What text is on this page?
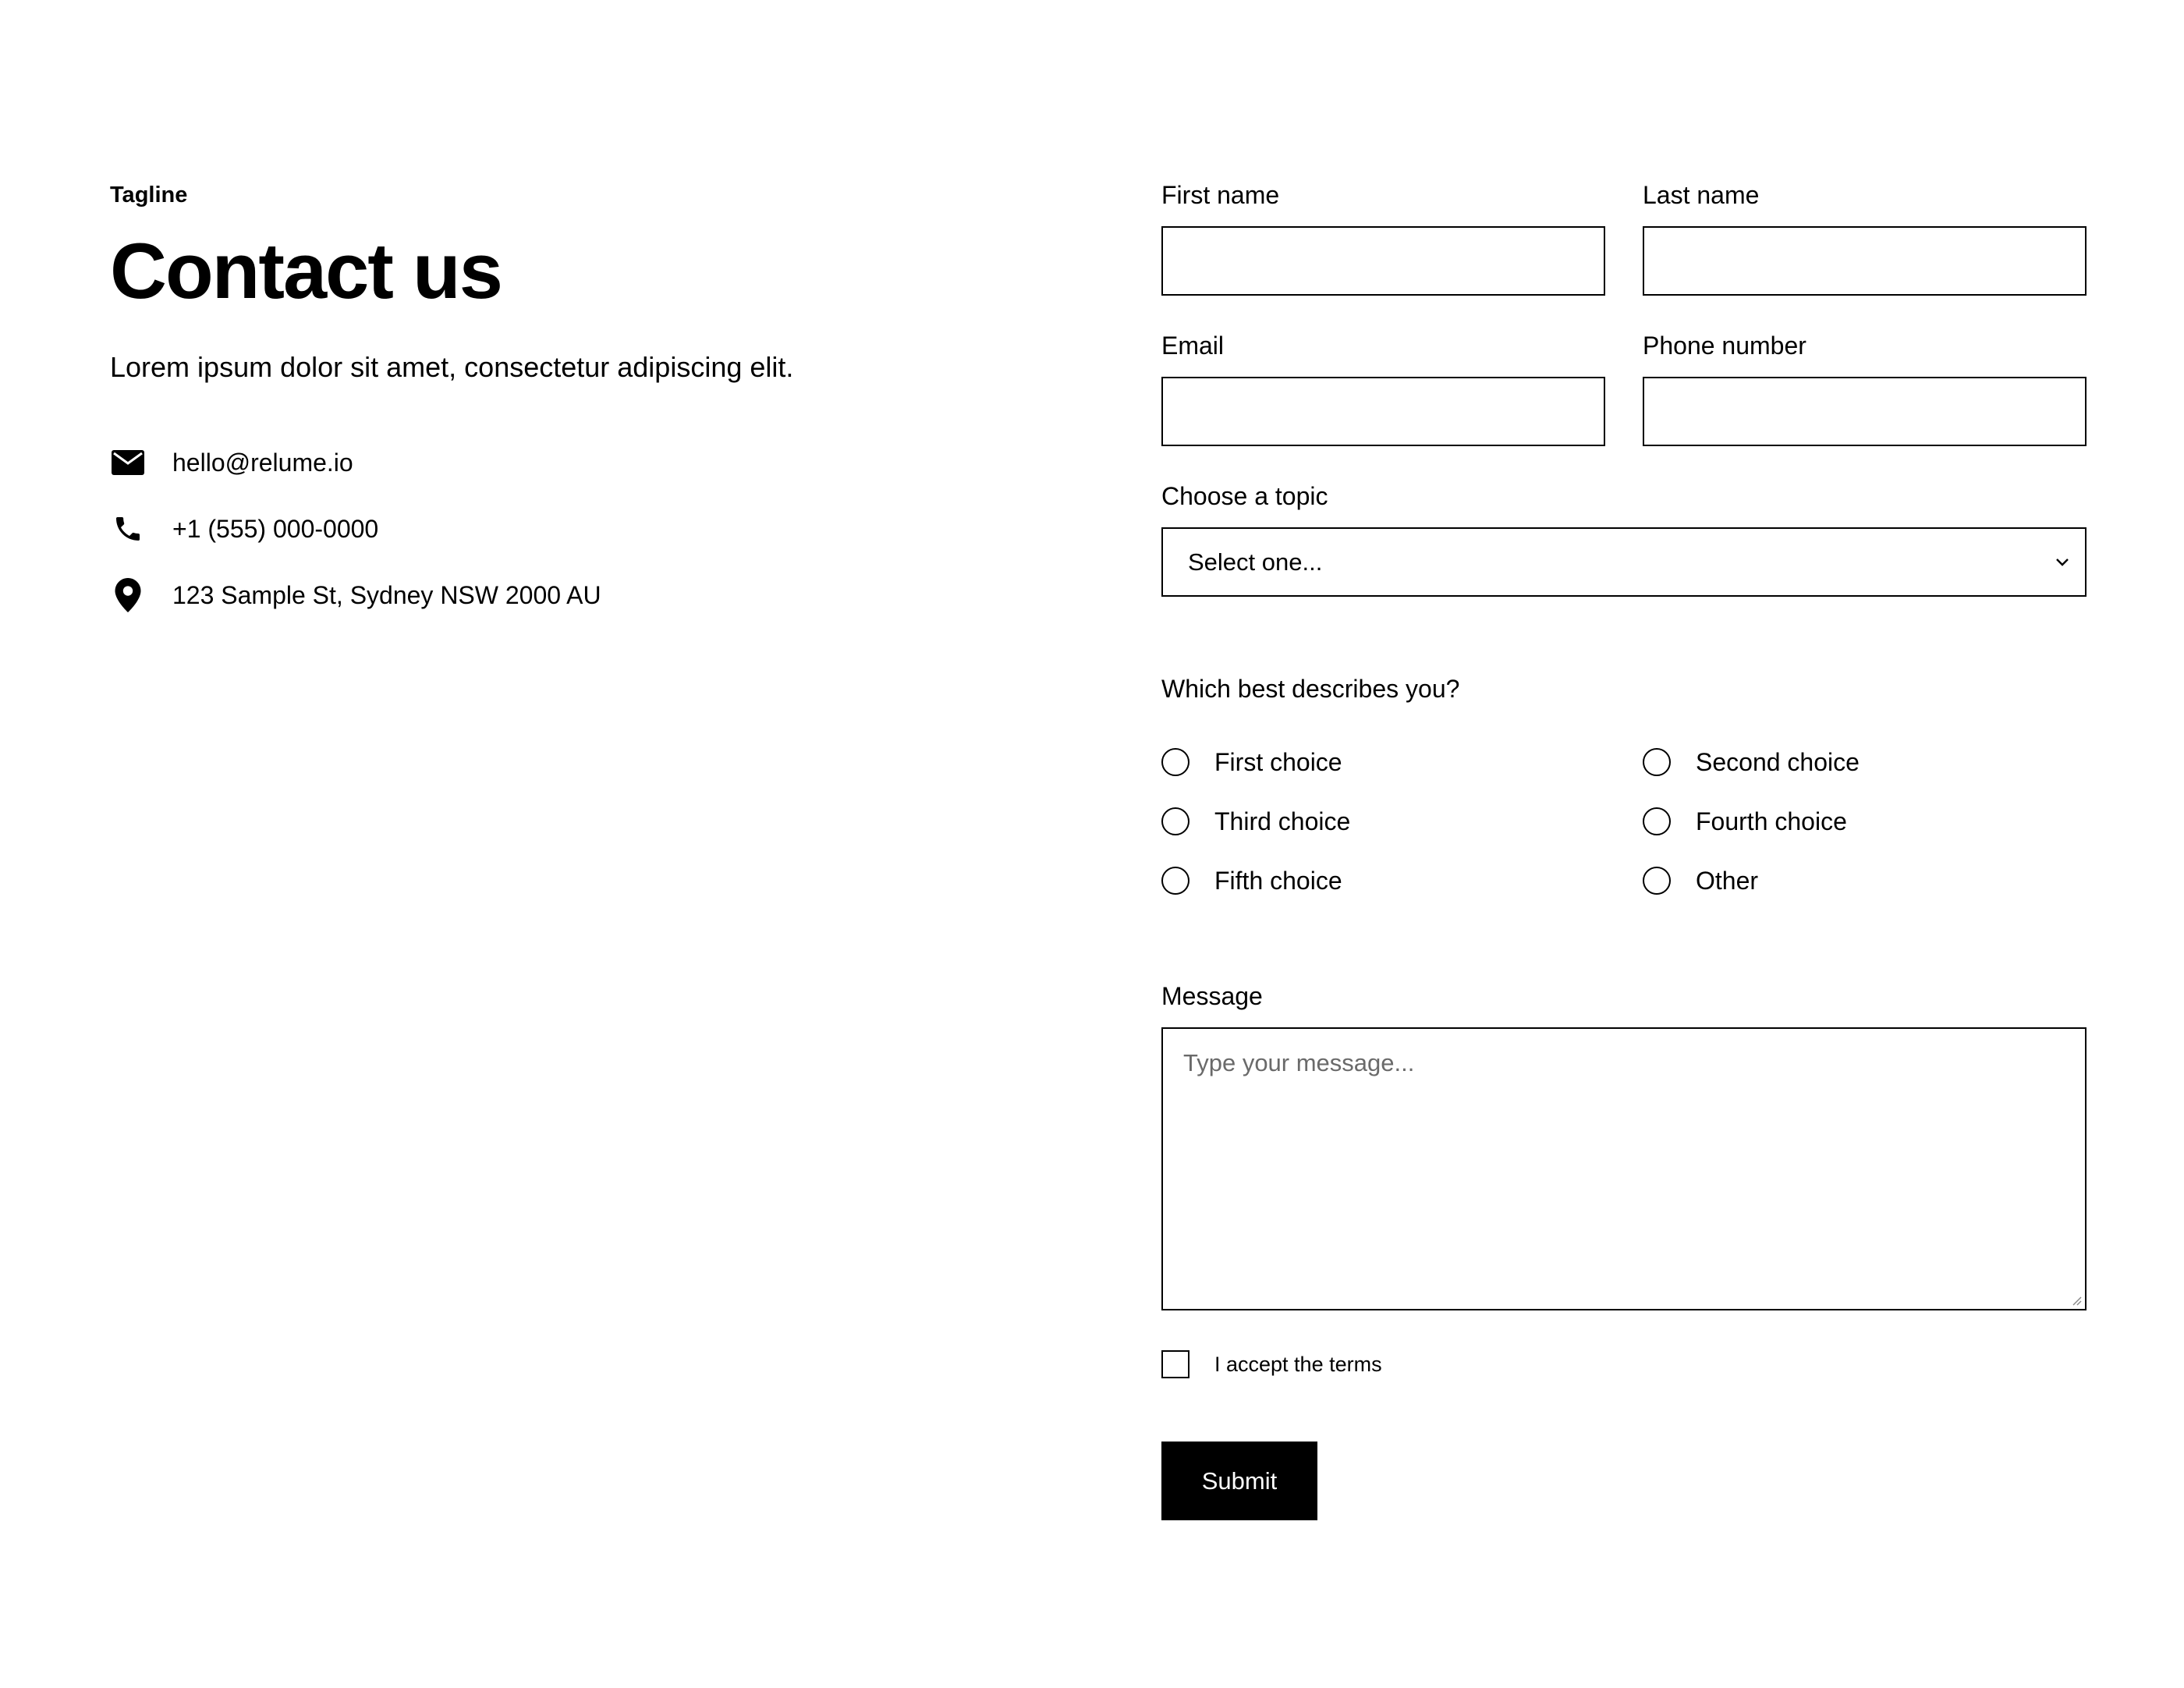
Tagline

Contact us

Lorem ipsum dolor sit amet, consectetur adipiscing elit.

hello@relume.io
+1 (555) 000-0000
123 Sample St, Sydney NSW 2000 AU
First name	Last name
Email	Phone number
Choose a topic
Select one...
Which best describes you?
First choice	Second choice
Third choice	Fourth choice
Fifth choice	Other
Message
Type your message...
I accept the terms
Submit
